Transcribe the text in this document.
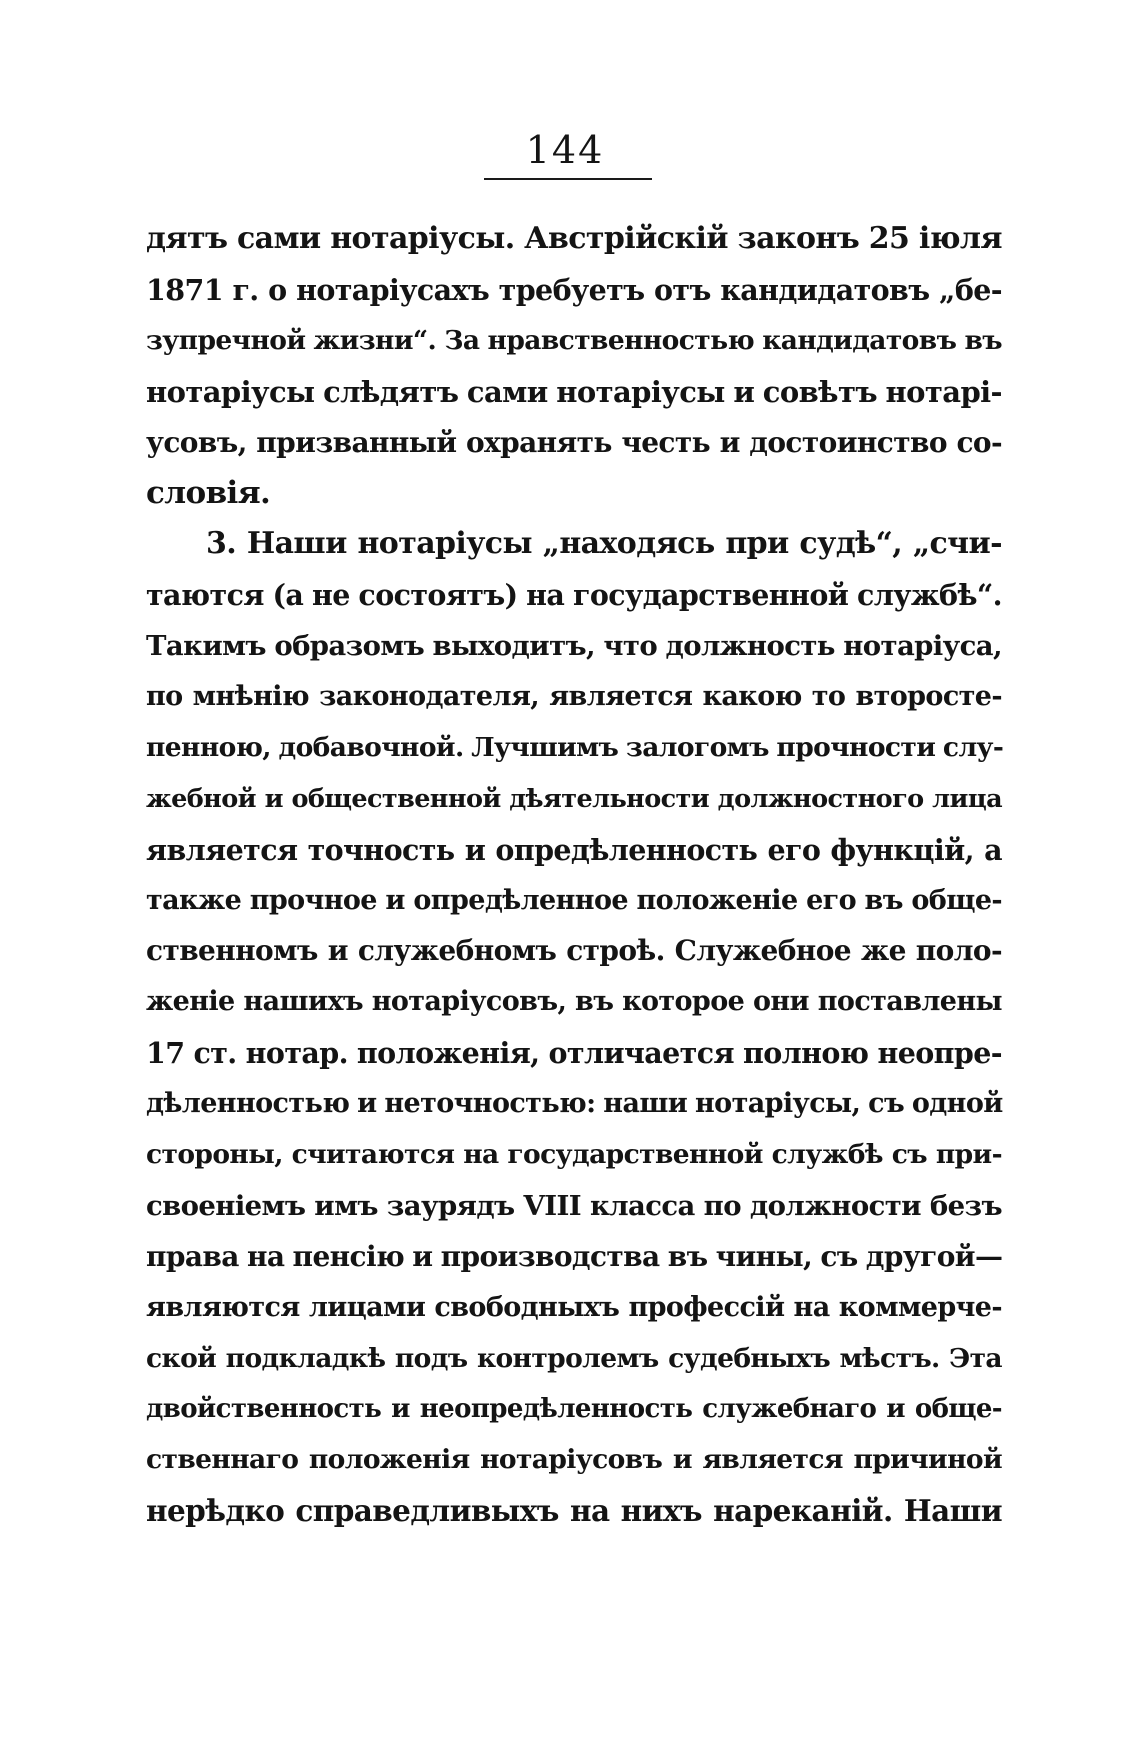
144
дятъ сами нотаріусы. Австрійскій законъ 25 іюля
1871 г. о нотаріусахъ требуетъ отъ кандидатовъ „бе-
зупречной жизни“. За нравственностью кандидатовъ въ
нотаріусы слѣдятъ сами нотаріусы и совѣтъ нотарі-
усовъ, призванный охранять честь и достоинство со-
словія.
3. Наши нотаріусы „находясь при судѣ“, „счи-
таются (а не состоятъ) на государственной службѣ“.
Такимъ образомъ выходитъ, что должность нотаріуса,
по мнѣнію законодателя, является какою то второсте-
пенною, добавочной. Лучшимъ залогомъ прочности слу-
жебной и общественной дѣятельности должностного лица
является точность и опредѣленность его функцій, а
также прочное и опредѣленное положеніе его въ обще-
ственномъ и служебномъ строѣ. Служебное же поло-
женіе нашихъ нотаріусовъ, въ которое они поставлены
17 ст. нотар. положенія, отличается полною неопре-
дѣленностью и неточностью: наши нотаріусы, съ одной
стороны, считаются на государственной службѣ съ при-
своеніемъ имъ заурядъ VIII класса по должности безъ
права на пенсію и производства въ чины, съ другой—
являются лицами свободныхъ профессій на коммерче-
ской подкладкѣ подъ контролемъ судебныхъ мѣстъ. Эта
двойственность и неопредѣленность служебнаго и обще-
ственнаго положенія нотаріусовъ и является причиной
нерѣдко справедливыхъ на нихъ нареканій. Наши
